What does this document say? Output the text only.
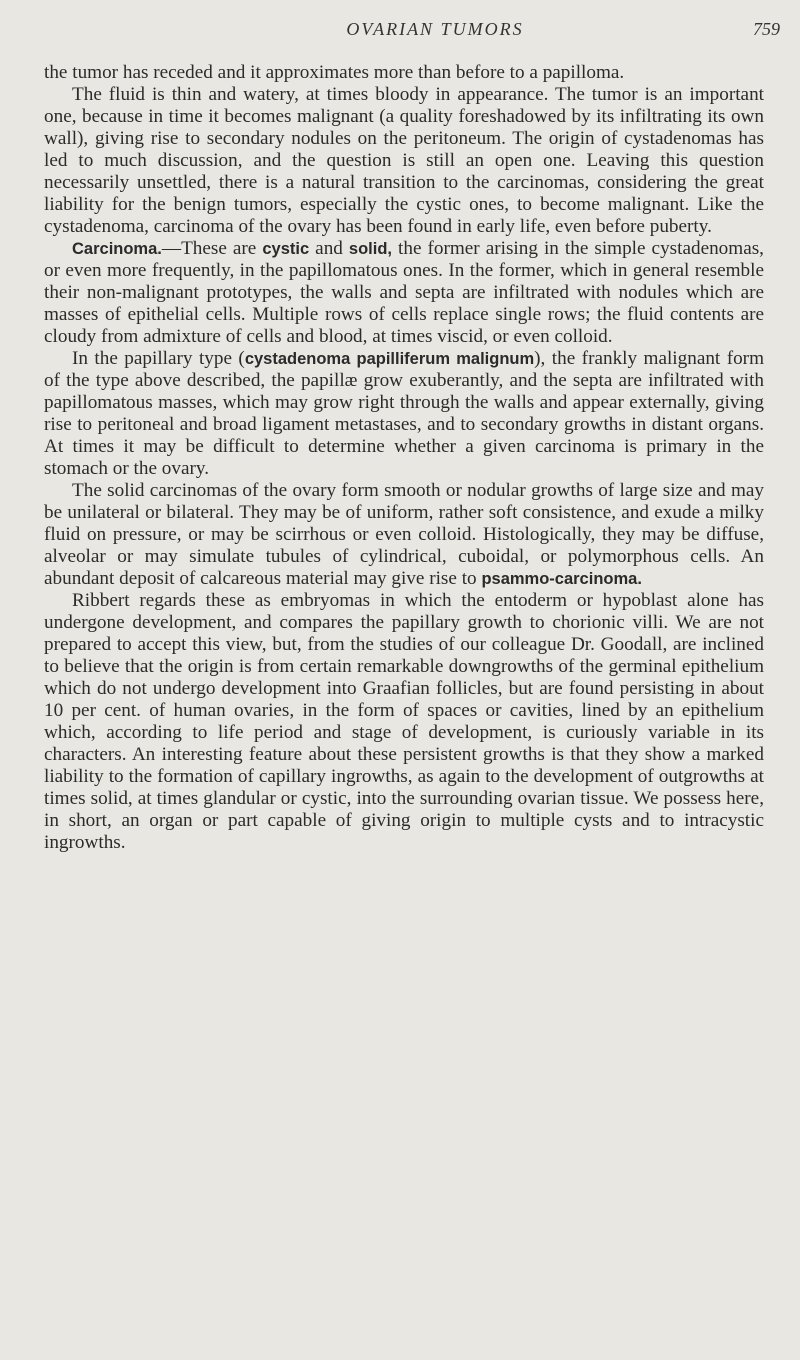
OVARIAN TUMORS	759

the tumor has receded and it approximates more than before to a papilloma.

The fluid is thin and watery, at times bloody in appearance. The tumor is an important one, because in time it becomes malignant (a quality foreshadowed by its infiltrating its own wall), giving rise to secondary nodules on the peritoneum. The origin of cystadenomas has led to much discussion, and the question is still an open one. Leaving this question necessarily unsettled, there is a natural transition to the carcinomas, considering the great liability for the benign tumors, especially the cystic ones, to become malignant. Like the cystadenoma, carcinoma of the ovary has been found in early life, even before puberty.

Carcinoma.—These are cystic and solid, the former arising in the simple cystadenomas, or even more frequently, in the papillomatous ones. In the former, which in general resemble their non-malignant prototypes, the walls and septa are infiltrated with nodules which are masses of epithelial cells. Multiple rows of cells replace single rows; the fluid contents are cloudy from admixture of cells and blood, at times viscid, or even colloid.

In the papillary type (cystadenoma papilliferum malignum), the frankly malignant form of the type above described, the papillæ grow exuberantly, and the septa are infiltrated with papillomatous masses, which may grow right through the walls and appear externally, giving rise to peritoneal and broad ligament metastases, and to secondary growths in distant organs. At times it may be difficult to determine whether a given carcinoma is primary in the stomach or the ovary.

The solid carcinomas of the ovary form smooth or nodular growths of large size and may be unilateral or bilateral. They may be of uniform, rather soft consistence, and exude a milky fluid on pressure, or may be scirrhous or even colloid. Histologically, they may be diffuse, alveolar or may simulate tubules of cylindrical, cuboidal, or polymorphous cells. An abundant deposit of calcareous material may give rise to psammo-carcinoma.

Ribbert regards these as embryomas in which the entoderm or hypoblast alone has undergone development, and compares the papillary growth to chorionic villi. We are not prepared to accept this view, but, from the studies of our colleague Dr. Goodall, are inclined to believe that the origin is from certain remarkable downgrowths of the germinal epithelium which do not undergo development into Graafian follicles, but are found persisting in about 10 per cent. of human ovaries, in the form of spaces or cavities, lined by an epithelium which, according to life period and stage of development, is curiously variable in its characters. An interesting feature about these persistent growths is that they show a marked liability to the formation of capillary ingrowths, as again to the development of outgrowths at times solid, at times glandular or cystic, into the surrounding ovarian tissue. We possess here, in short, an organ or part capable of giving origin to multiple cysts and to intracystic ingrowths.
